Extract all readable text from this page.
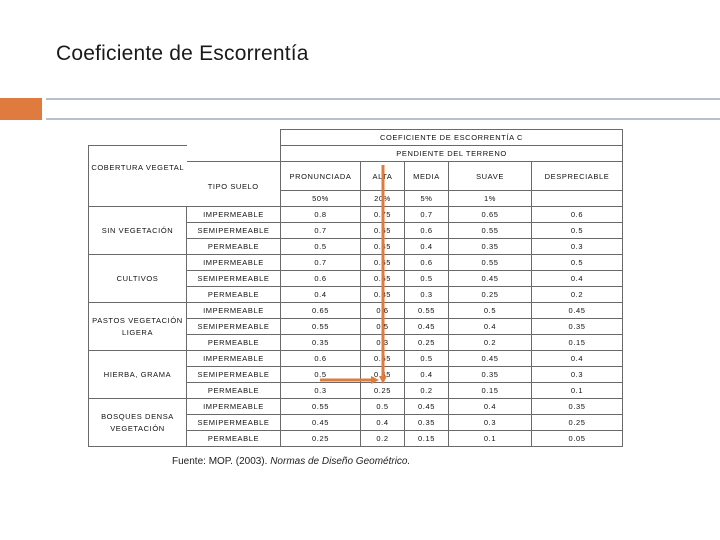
Coeficiente de Escorrentía
		COEFICIENTE DE ESCORRENTÍA C				
		PENDIENTE DEL TERRENO				
COBERTURA VEGETAL	TIPO SUELO	PRONUNCIADA	ALTA	MEDIA	SUAVE	DESPRECIABLE
		50%	20%	5%	1%	
SIN VEGETACIÓN	IMPERMEABLE	0.8	0.75	0.7	0.65	0.6
	SEMIPERMEABLE	0.7	0.65	0.6	0.55	0.5
	PERMEABLE	0.5	0.45	0.4	0.35	0.3
CULTIVOS	IMPERMEABLE	0.7	0.65	0.6	0.55	0.5
	SEMIPERMEABLE	0.6	0.55	0.5	0.45	0.4
	PERMEABLE	0.4	0.35	0.3	0.25	0.2
PASTOS VEGETACIÓN LIGERA	IMPERMEABLE	0.65	0.6	0.55	0.5	0.45
	SEMIPERMEABLE	0.55	0.5	0.45	0.4	0.35
	PERMEABLE	0.35	0.3	0.25	0.2	0.15
HIERBA, GRAMA	IMPERMEABLE	0.6	0.55	0.5	0.45	0.4
	SEMIPERMEABLE	0.5	0.45	0.4	0.35	0.3
	PERMEABLE	0.3	0.25	0.2	0.15	0.1
BOSQUES DENSA VEGETACIÓN	IMPERMEABLE	0.55	0.5	0.45	0.4	0.35
	SEMIPERMEABLE	0.45	0.4	0.35	0.3	0.25
	PERMEABLE	0.25	0.2	0.15	0.1	0.05
Fuente: MOP. (2003). Normas de Diseño Geométrico.
